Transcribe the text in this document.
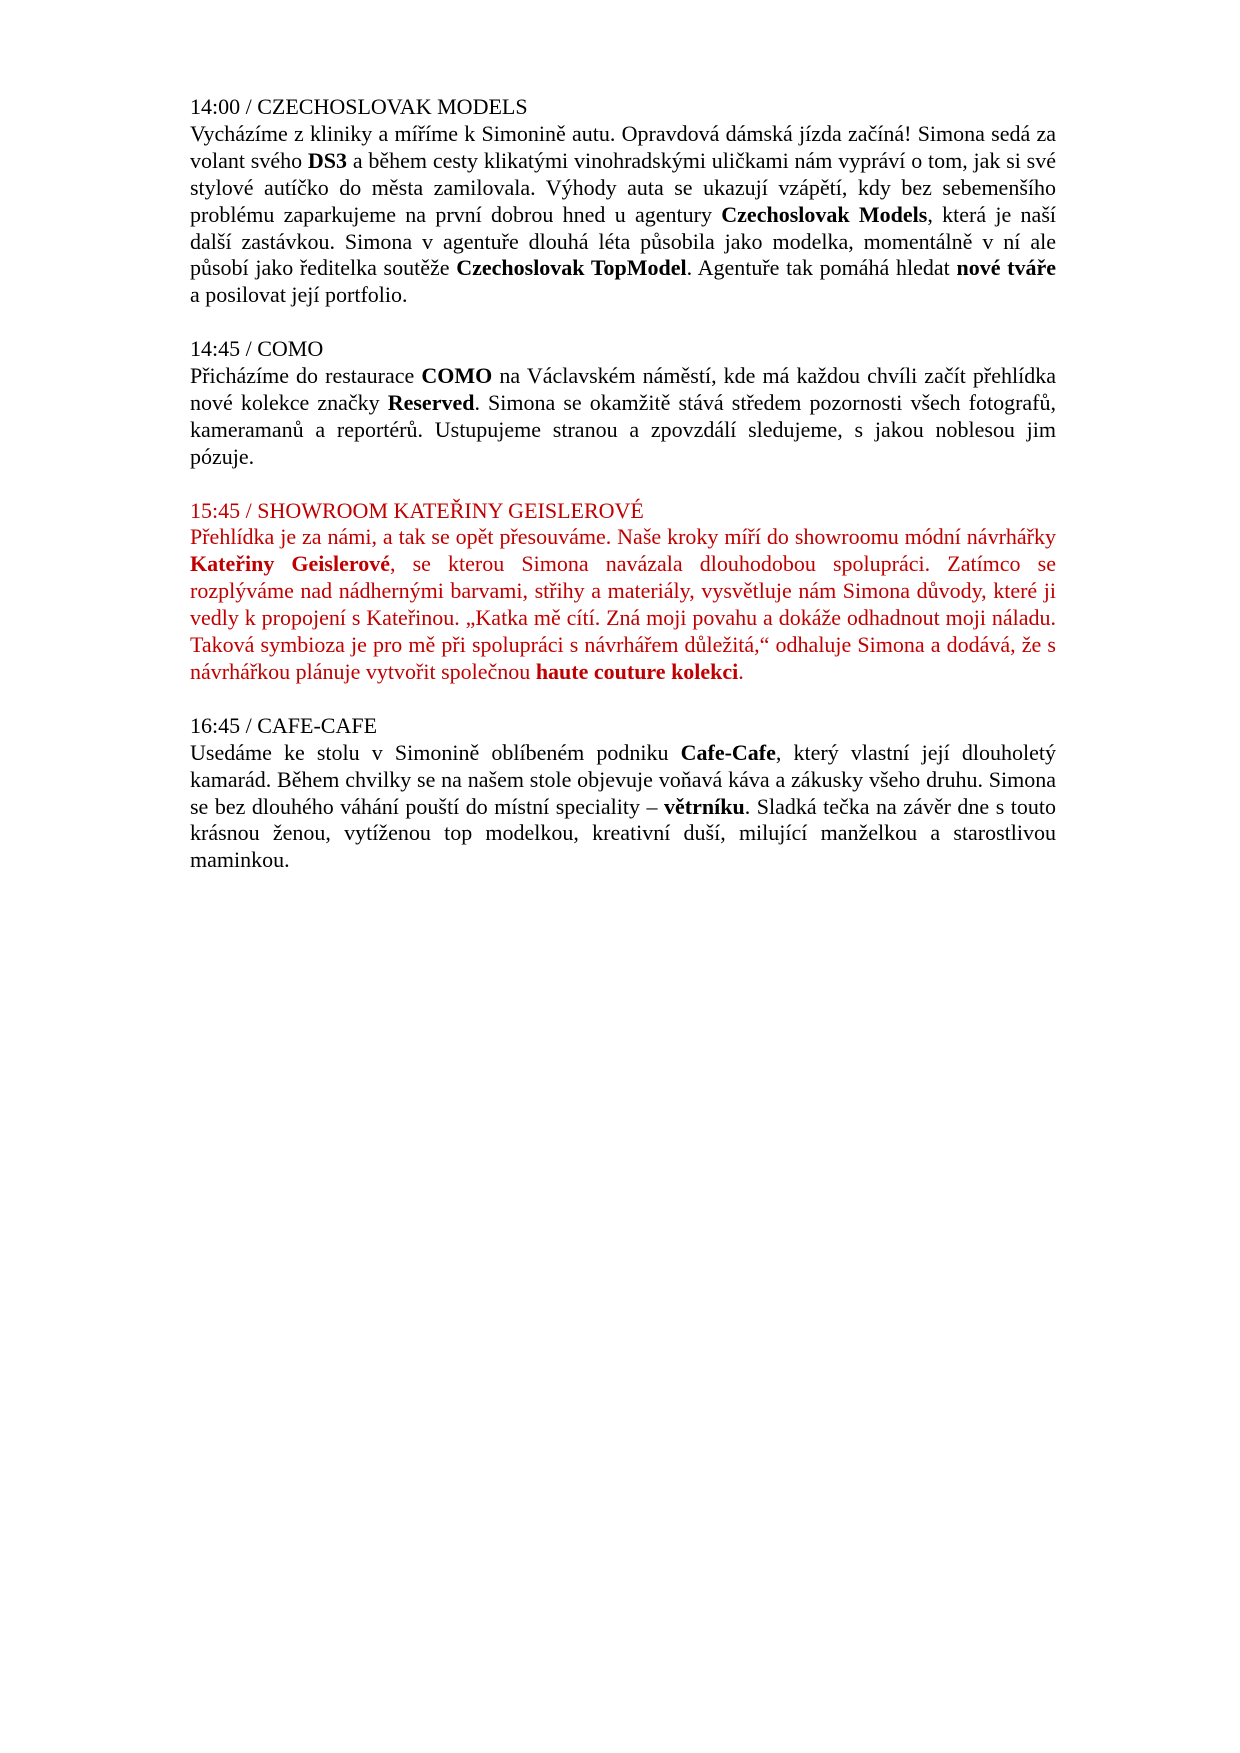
14:00 / CZECHOSLOVAK MODELS

Vycházíme z kliniky a míříme k Simonině autu. Opravdová dámská jízda začíná! Simona sedá za volant svého DS3 a během cesty klikatými vinohradskými uličkami nám vypráví o tom, jak si své stylové autíčko do města zamilovala. Výhody auta se ukazují vzápětí, kdy bez sebemenšího problému zaparkujeme na první dobrou hned u agentury Czechoslovak Models, která je naší další zastávkou. Simona v agentuře dlouhá léta působila jako modelka, momentálně v ní ale působí jako ředitelka soutěže Czechoslovak TopModel. Agentuře tak pomáhá hledat nové tváře a posilovat její portfolio.

14:45 / COMO

Přicházíme do restaurace COMO na Václavském náměstí, kde má každou chvíli začít přehlídka nové kolekce značky Reserved. Simona se okamžitě stává středem pozornosti všech fotografů, kameramanů a reportérů. Ustupujeme stranou a zpovzdálí sledujeme, s jakou noblesou jim pózuje.

15:45 / SHOWROOM KATEŘINY GEISLEROVÉ

Přehlídka je za námi, a tak se opět přesouváme. Naše kroky míří do showroomu módní návrhářky Kateřiny Geislerové, se kterou Simona navázala dlouhodobou spolupráci. Zatímco se rozplýváme nad nádhernými barvami, střihy a materiály, vysvětluje nám Simona důvody, které ji vedly k propojení s Kateřinou. „Katka mě cítí. Zná moji povahu a dokáže odhadnout moji náladu. Taková symbioza je pro mě při spolupráci s návrhářem důležitá,“ odhaluje Simona a dodává, že s návrhářkou plánuje vytvořit společnou haute couture kolekci.

16:45 / CAFE-CAFE

Usedáme ke stolu v Simonině oblíbeném podniku Cafe-Cafe, který vlastní její dlouholetý kamarád. Během chvilky se na našem stole objevuje voňavá káva a zákusky všeho druhu. Simona se bez dlouhého váhání pouští do místní speciality – větrníku. Sladká tečka na závěr dne s touto krásnou ženou, vytíženou top modelkou, kreativní duší, milující manželkou a starostlivou maminkou.
